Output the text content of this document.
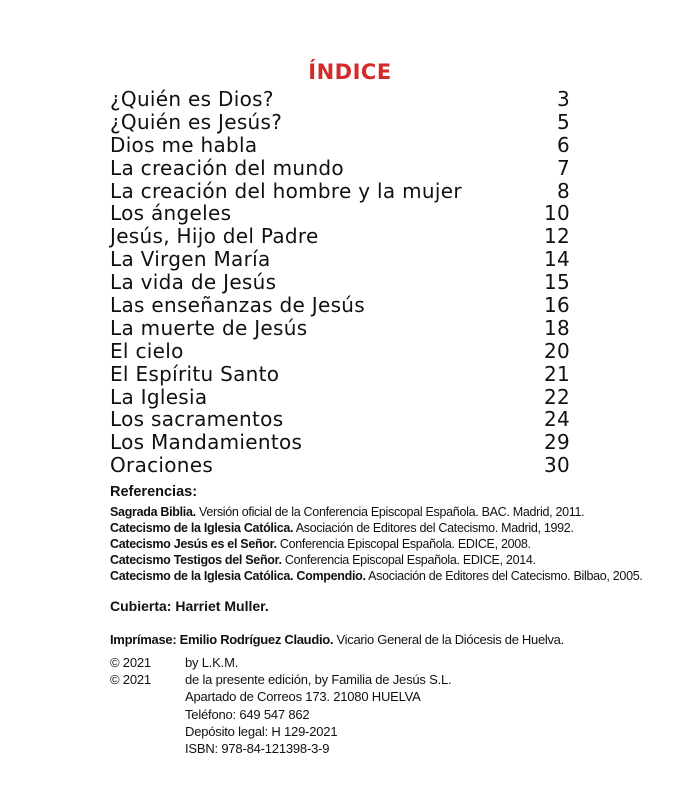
ÍNDICE
¿Quién es Dios?	3
¿Quién es Jesús?	5
Dios me habla	6
La creación del mundo	7
La creación del hombre y la mujer	8
Los ángeles	10
Jesús, Hijo del Padre	12
La Virgen María	14
La vida de Jesús	15
Las enseñanzas de Jesús	16
La muerte de Jesús	18
El cielo	20
El Espíritu Santo	21
La Iglesia	22
Los sacramentos	24
Los Mandamientos	29
Oraciones	30
Referencias:
Sagrada Biblia. Versión oficial de la Conferencia Episcopal Española. BAC. Madrid, 2011.
Catecismo de la Iglesia Católica. Asociación de Editores del Catecismo. Madrid, 1992.
Catecismo Jesús es el Señor. Conferencia Episcopal Española. EDICE, 2008.
Catecismo Testigos del Señor. Conferencia Episcopal Española. EDICE, 2014.
Catecismo de la Iglesia Católica. Compendio. Asociación de Editores del Catecismo. Bilbao, 2005.
Cubierta: Harriet Muller.
Imprímase: Emilio Rodríguez Claudio. Vicario General de la Diócesis de Huelva.
© 2021	by L.K.M.
© 2021	de la presente edición, by Familia de Jesús S.L.
Apartado de Correos 173. 21080 HUELVA
Teléfono: 649 547 862
Depósito legal: H 129-2021
ISBN: 978-84-121398-3-9
